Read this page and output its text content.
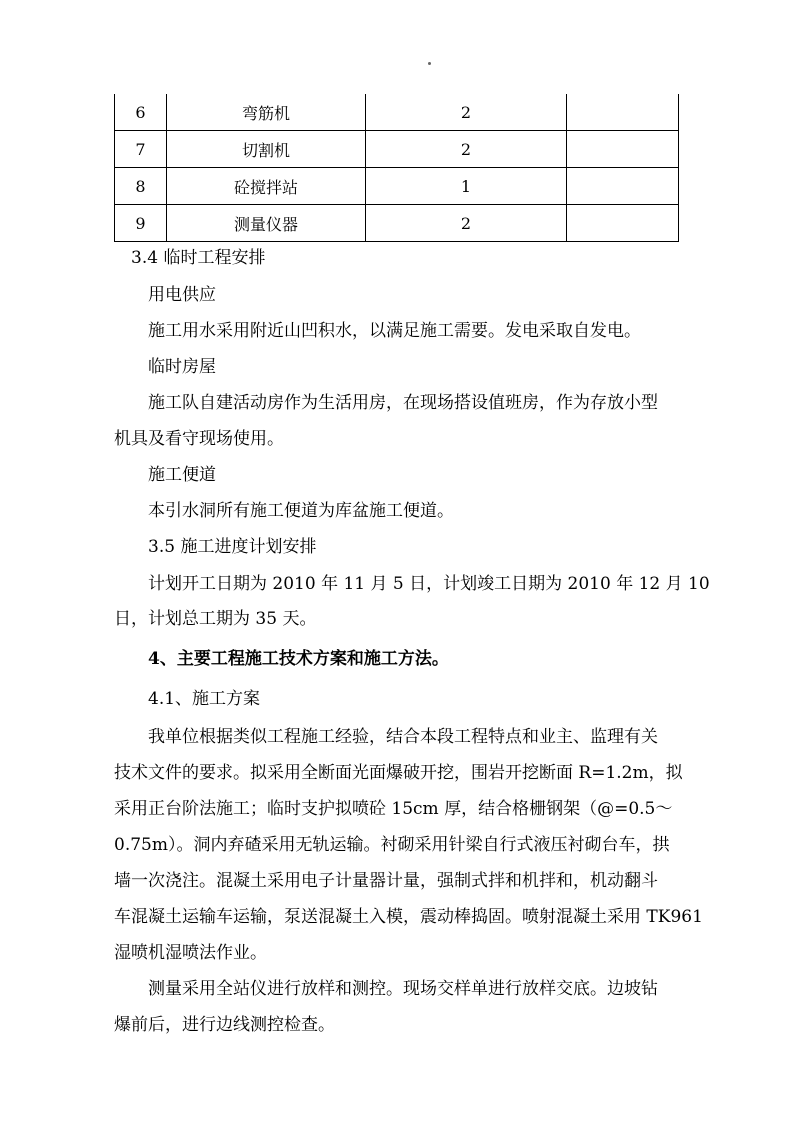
6	弯筋机	2	
7	切割机	2	
8	砼搅拌站	1	
9	测量仪器	2	
3.4 临时工程安排
用电供应
施工用水采用附近山凹积水，以满足施工需要。发电采取自发电。
临时房屋
施工队自建活动房作为生活用房，在现场搭设值班房，作为存放小型
机具及看守现场使用。
施工便道
本引水洞所有施工便道为库盆施工便道。
3.5 施工进度计划安排
计划开工日期为 2010 年 11 月 5 日，计划竣工日期为 2010 年 12 月 10
日，计划总工期为 35 天。
4、主要工程施工技术方案和施工方法。
4.1、施工方案
我单位根据类似工程施工经验，结合本段工程特点和业主、监理有关
技术文件的要求。拟采用全断面光面爆破开挖，围岩开挖断面 R=1.2m，拟
采用正台阶法施工；临时支护拟喷砼 15cm 厚，结合格栅钢架（@=0.5～
0.75m）。洞内弃碴采用无轨运输。衬砌采用针梁自行式液压衬砌台车，拱
墙一次浇注。混凝土采用电子计量器计量，强制式拌和机拌和，机动翻斗
车混凝土运输车运输，泵送混凝土入模，震动棒捣固。喷射混凝土采用 TK961
湿喷机湿喷法作业。
测量采用全站仪进行放样和测控。现场交样单进行放样交底。边坡钻
爆前后，进行边线测控检查。
